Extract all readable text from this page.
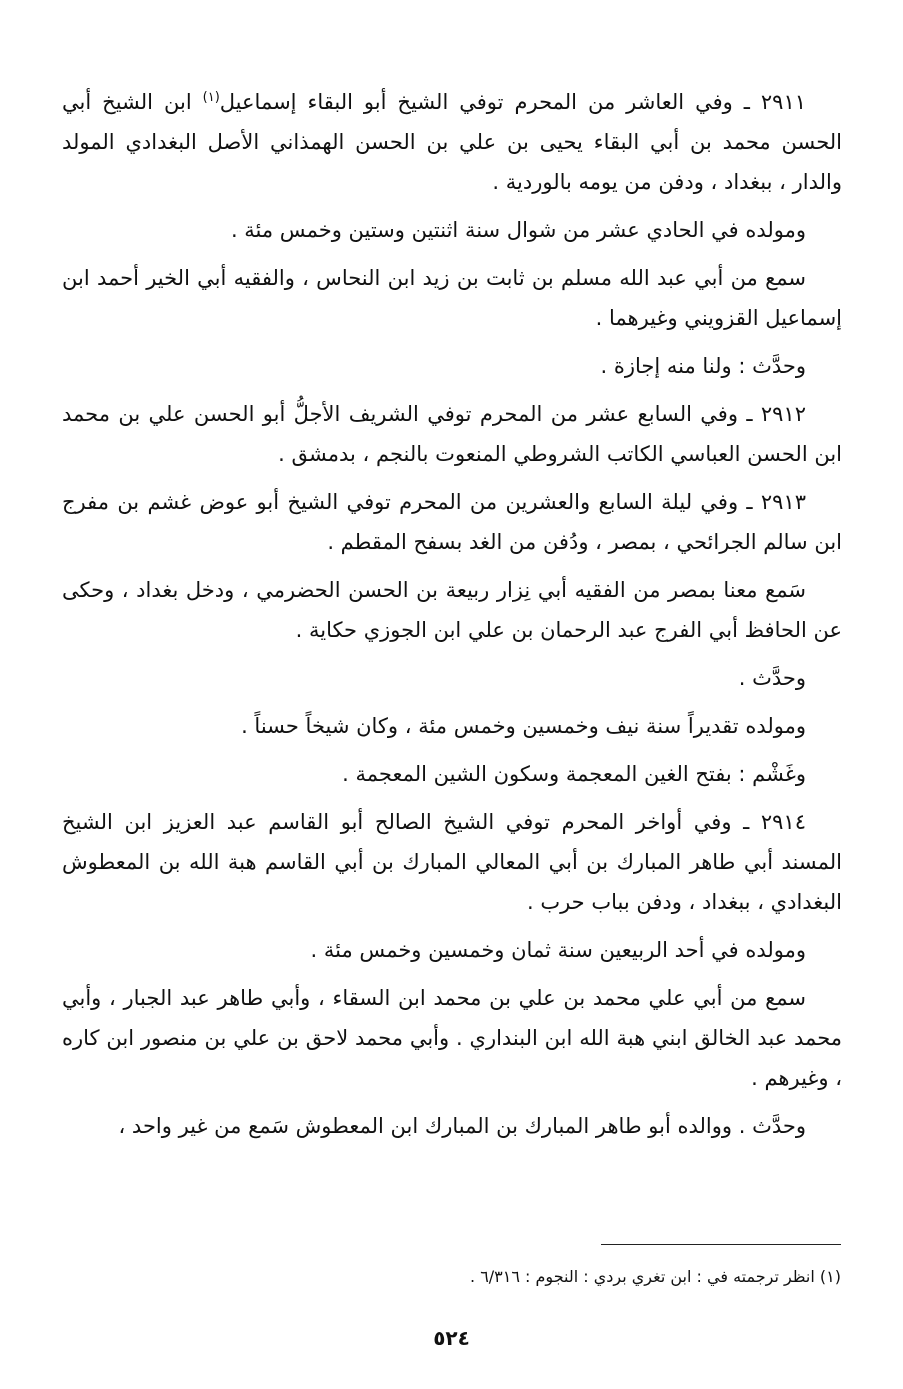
٢٩١١ ـ وفي العاشر من المحرم توفي الشيخ أبو البقاء إسماعيل$^{(١)}$ ابن الشيخ أبي الحسن محمد بن أبي البقاء يحيى بن علي بن الحسن الهمذاني الأصل البغدادي المولد والدار ، ببغداد ، ودفن من يومه بالوردية .

ومولده في الحادي عشر من شوال سنة اثنتين وستين وخمس مئة .

سمع من أبي عبد الله مسلم بن ثابت بن زيد ابن النحاس ، والفقيه أبي الخير أحمد ابن إسماعيل القزويني وغيرهما .

وحدَّث : ولنا منه إجازة .

٢٩١٢ ـ وفي السابع عشر من المحرم توفي الشريف الأجلُّ أبو الحسن علي بن محمد ابن الحسن العباسي الكاتب الشروطي المنعوت بالنجم ، بدمشق .

٢٩١٣ ـ وفي ليلة السابع والعشرين من المحرم توفي الشيخ أبو عوض غشم بن مفرج ابن سالم الجرائحي ، بمصر ، ودُفن من الغد بسفح المقطم .

سَمع معنا بمصر من الفقيه أبي نِزار ربيعة بن الحسن الحضرمي ، ودخل بغداد ، وحكى عن الحافظ أبي الفرج عبد الرحمان بن علي ابن الجوزي حكاية .

وحدَّث .

ومولده تقديراً سنة نيف وخمسين وخمس مئة ، وكان شيخاً حسناً .

وغَشْم : بفتح الغين المعجمة وسكون الشين المعجمة .

٢٩١٤ ـ وفي أواخر المحرم توفي الشيخ الصالح أبو القاسم عبد العزيز ابن الشيخ المسند أبي طاهر المبارك بن أبي المعالي المبارك بن أبي القاسم هبة الله بن المعطوش البغدادي ، ببغداد ، ودفن بباب حرب .

ومولده في أحد الربيعين سنة ثمان وخمسين وخمس مئة .

سمع من أبي علي محمد بن علي بن محمد ابن السقاء ، وأبي طاهر عبد الجبار ، وأبي محمد عبد الخالق ابني هبة الله ابن البنداري . وأبي محمد لاحق بن علي بن منصور ابن كاره ، وغيرهم .

وحدَّث . ووالده أبو طاهر المبارك بن المبارك ابن المعطوش سَمع من غير واحد ،

(١) انظر ترجمته في : ابن تغري بردي : النجوم : ٦/٣١٦ .
٥٢٤
